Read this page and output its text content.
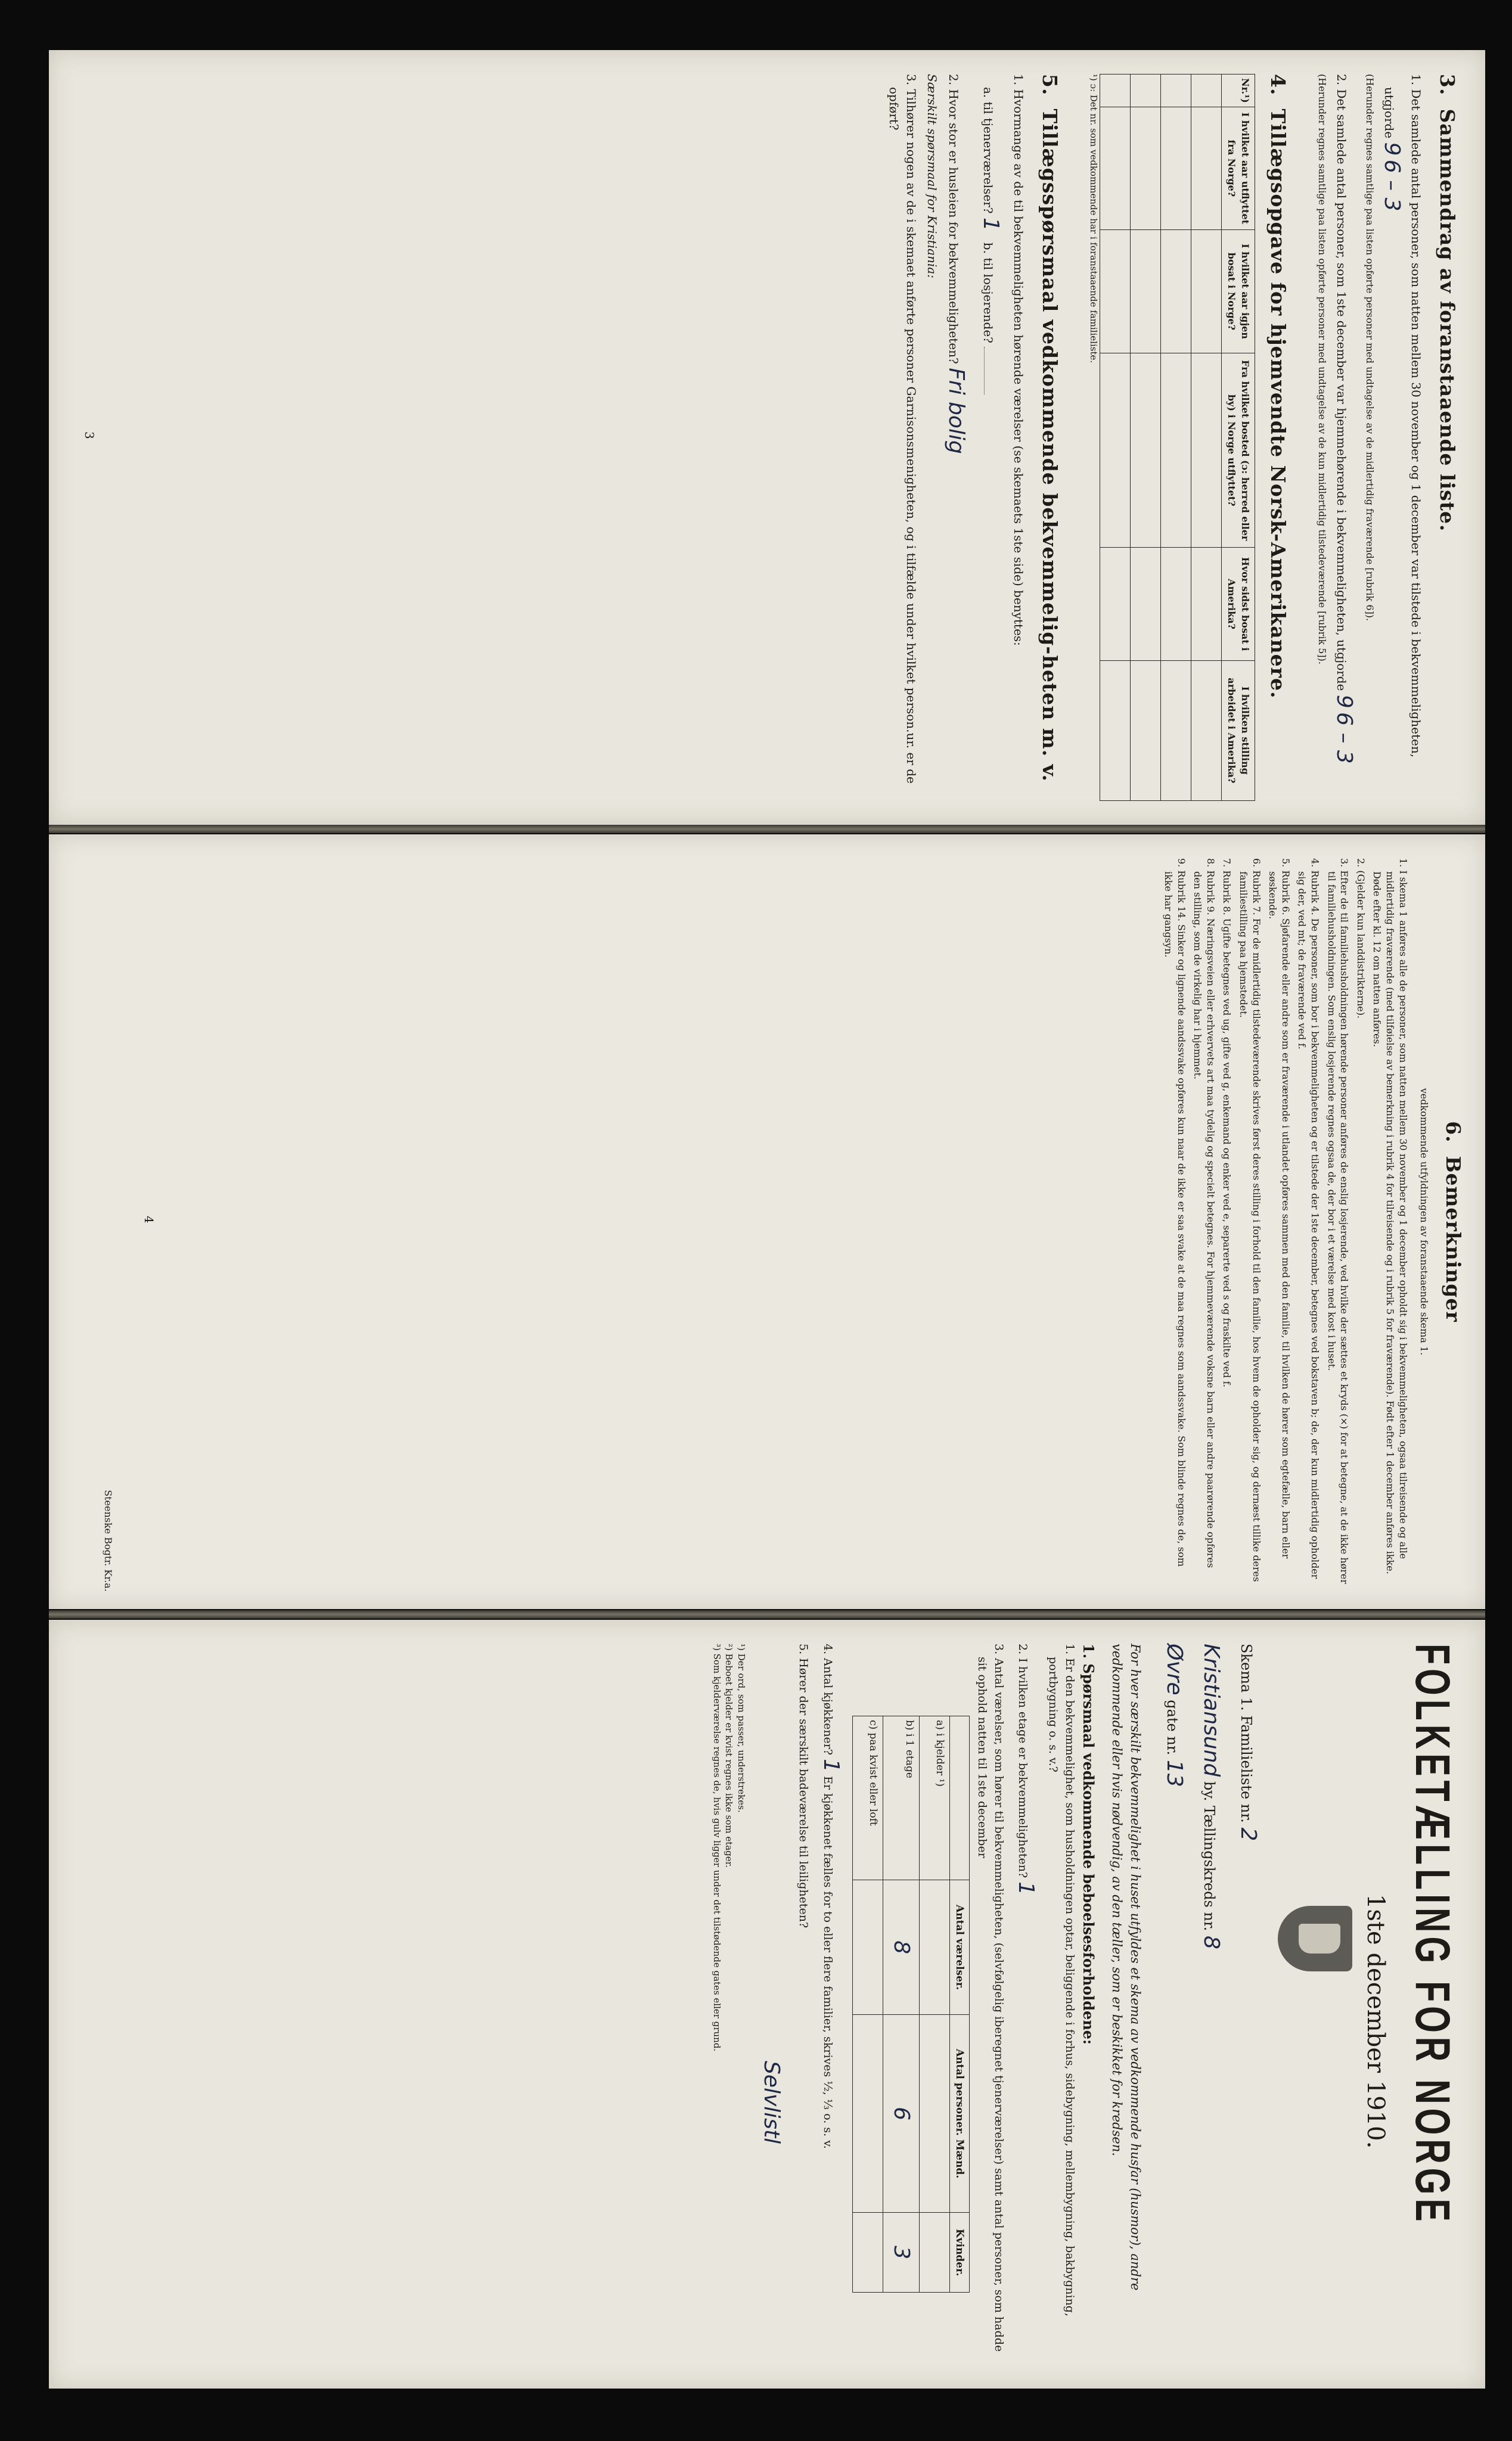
3.Sammendrag av foranstaaende liste.
1. Det samlede antal personer, som natten mellem 30 november og 1 december var tilstede i bekvemmeligheten, utgjorde 9 6 – 3
(Herunder regnes samtlige paa listen opførte personer med undtagelse av de midlertidig fraværende [rubrik 6]).
2. Det samlede antal personer, som 1ste december var hjemmehørende i bekvemmeligheten, utgjorde 9 6 – 3
(Herunder regnes samtlige paa listen opførte personer med undtagelse av de kun midlertidig tilstedeværende [rubrik 5]).
4.Tillægsopgave for hjemvendte Norsk-Amerikanere.
Nr.¹)	I hvilket aar utflyttet fra Norge?	I hvilket aar igjen bosat i Norge?	Fra hvilket bosted (ɔ: herred eller by) i Norge utflyttet?	Hvor sidst bosat i Amerika?	I hvilken stilling arbeidet i Amerika?

¹) ɔ: Det nr. som vedkommende har i foranstaaende familieliste.
5.Tillægsspørsmaal vedkommende bekvemmelig-heten m. v.
1. Hvormange av de til bekvemmeligheten hørende værelser (se skemaets 1ste side) benyttes:
a. til tjenerværelser? 1   b. til losjerende?
2. Hvor stor er husleien for bekvemmeligheten? Fri bolig
Særskilt spørsmaal for Kristiania:
3. Tilhører nogen av de i skemaet anførte personer Garnisonsmenigheten, og i tilfælde under hvilket person.ur. er de opført?
3
6.Bemerkninger
vedkommende utfyldningen av foranstaaende skema 1.

1. I skema 1 anføres alle de personer, som natten mellem 30 november og 1 december opholdt sig i bekvemmeligheten, ogsaa tilreisende og alle midlertidig fraværende (med tilføielse av bemerkning i rubrik 4 for tilreisende og i rubrik 5 for fraværende). Født efter 1 december anføres ikke. Døde efter kl. 12 om natten anføres.

2. (Gjelder kun landdistrikterne).

3. Efter de til familiehusholdningen hørende personer anføres de enslig losjerende, ved hvilke der sættes et kryds (×) for at betegne, at de ikke hører til familiehusholdningen. Som enslig losjerende regnes ogsaa de, der bor i et værelse med kost i huset.

4. Rubrik 4. De personer, som bor i bekvemmeligheten og er tilstede der 1ste december, betegnes ved bokstaven b; de, der kun midlertidig opholder sig der, ved mt; de fraværende ved f.

5. Rubrik 6. Sjøfarende eller andre som er fraværende i utlandet opføres sammen med den familie, til hvilken de hører som egtefælle, barn eller søskende.

6. Rubrik 7. For de midlertidig tilstedeværende skrives først deres stilling i forhold til den familie, hos hvem de opholder sig, og dernæst tillike deres familiestilling paa hjemstedet.

7. Rubrik 8. Ugifte betegnes ved ug, gifte ved g, enkemand og enker ved e, separerte ved s og fraskilte ved f.

8. Rubrik 9. Næringsveien eller erhvervets art maa tydelig og specielt betegnes. For hjemmeværende voksne barn eller andre paarørende opføres den stilling, som de virkelig har i hjemmet.

9. Rubrik 14. Sinker og lignende aandssvake opføres kun naar de ikke er saa svake at de maa regnes som aandssvake. Som blinde regnes de, som ikke har gangsyn.

4
Steenske Bogtr. Kr.a.
FOLKETÆLLING FOR NORGE
1ste december 1910.
Skema 1. Familieliste nr. 2
Kristiansund by. Tællingskreds nr. 8
Øvre gate nr. 13
For hver særskilt bekvemmelighet i huset utfyldes et skema av vedkommende husfar (husmor), andre vedkommende eller hvis nødvendig, av den tæller, som er beskikket for kredsen.
1. Spørsmaal vedkommende beboelsesforholdene:
1. Er den bekvemmelighet, som husholdningen optar, beliggende i forhus, sidebygning, mellembygning, bakbygning, portbygning o. s. v.?
2. I hvilken etage er bekvemmeligheten? 1
3. Antal værelser, som hører til bekvemmeligheten, (selvfølgelig iberegnet tjenerværelser) samt antal personer, som hadde sit ophold natten til 1ste december
	Antal værelser.	Antal personer. Mænd.	Kvinder.
a) i kjelder ¹)			
b) i 1 etage	8	6	3
c) paa kvist eller loft			
4. Antal kjøkkener? 1 Er kjøkkenet fælles for to eller flere familier, skrives ½, ⅓ o. s. v.
5. Hører der særskilt badeværelse til leiligheten?
Selvlistl
¹) Der ord, som passer, understrekes.
²) Beboet kjelder er kvist regnes ikke som etager.
³) Som kjelderværelse regnes de, hvis gulv ligger under det tilstødende gates eller grund.
